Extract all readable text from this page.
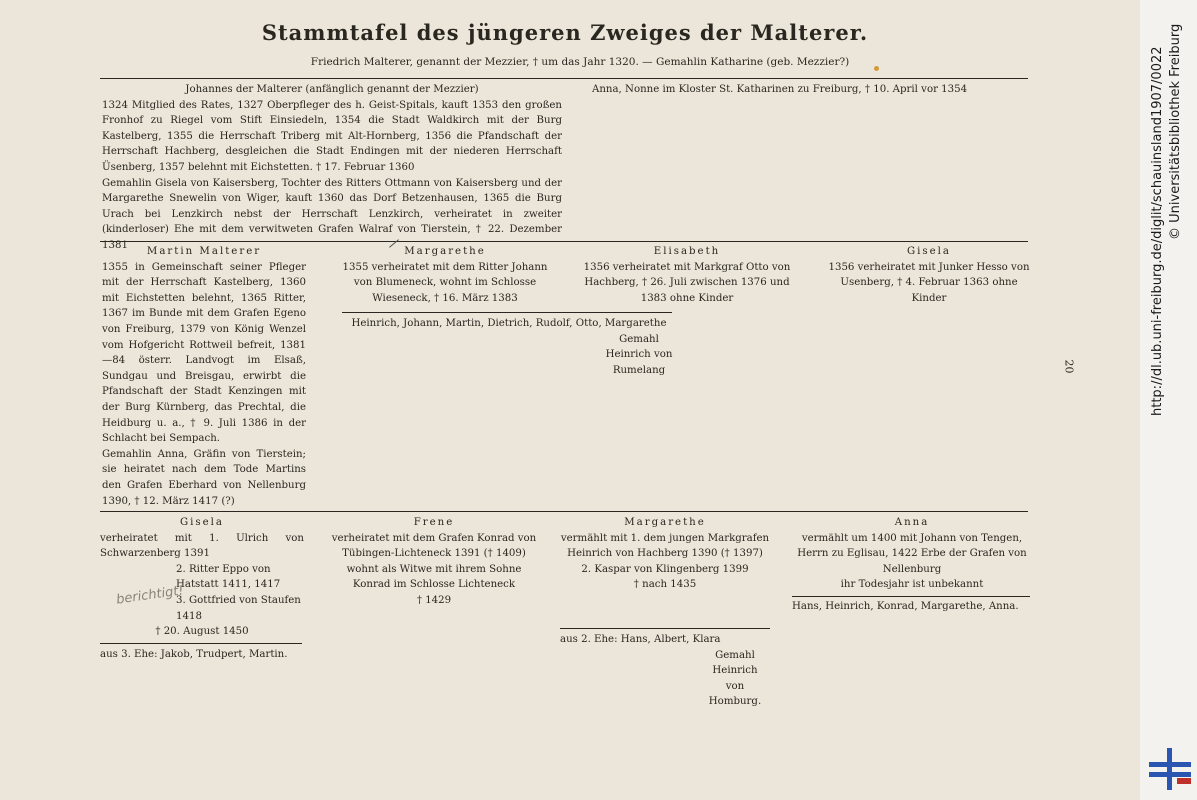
Stammtafel des jüngeren Zweiges der Malterer.
Friedrich Malterer, genannt der Mezzier, † um das Jahr 1320. — Gemahlin Katharine (geb. Mezzier?)

Johannes der Malterer (anfänglich genannt der Mezzier)

1324 Mitglied des Rates, 1327 Oberpfleger des h. Geist-Spitals, kauft 1353 den großen Fronhof zu Riegel vom Stift Einsiedeln, 1354 die Stadt Waldkirch mit der Burg Kastelberg, 1355 die Herrschaft Triberg mit Alt-Hornberg, 1356 die Pfandschaft der Herrschaft Hachberg, desgleichen die Stadt Endingen mit der niederen Herrschaft Üsenberg, 1357 belehnt mit Eichstetten. † 17. Februar 1360

Gemahlin Gisela von Kaisersberg, Tochter des Ritters Ottmann von Kaisersberg und der Margarethe Snewelin von Wiger, kauft 1360 das Dorf Betzenhausen, 1365 die Burg Urach bei Lenzkirch nebst der Herrschaft Lenzkirch, verheiratet in zweiter (kinderloser) Ehe mit dem verwitweten Grafen Walraf von Tierstein, † 22. Dezember 1381

Anna, Nonne im Kloster St. Katharinen zu Freiburg, † 10. April vor 1354

Martin Malterer

1355 in Gemeinschaft seiner Pfleger mit der Herrschaft Kastelberg, 1360 mit Eichstetten belehnt, 1365 Ritter, 1367 im Bunde mit dem Grafen Egeno von Freiburg, 1379 von König Wenzel vom Hofgericht Rottweil befreit, 1381—84 österr. Landvogt im Elsaß, Sundgau und Breisgau, erwirbt die Pfandschaft der Stadt Kenzingen mit der Burg Kürnberg, das Prechtal, die Heidburg u. a., † 9. Juli 1386 in der Schlacht bei Sempach.

Gemahlin Anna, Gräfin von Tierstein; sie heiratet nach dem Tode Martins den Grafen Eberhard von Nellenburg 1390, † 12. März 1417 (?)

Margarethe

1355 verheiratet mit dem Ritter Johann von Blumeneck, wohnt im Schlosse Wieseneck, † 16. März 1383

Heinrich, Johann, Martin, Dietrich, Rudolf, Otto, Margarethe

Gemahl

Heinrich von

Rumelang

Elisabeth

1356 verheiratet mit Markgraf Otto von Hachberg, † 26. Juli zwischen 1376 und 1383 ohne Kinder

Gisela

1356 verheiratet mit Junker Hesso von Usenberg, † 4. Februar 1363 ohne Kinder

20

Gisela

verheiratet mit 1. Ulrich von Schwarzenberg 1391

2. Ritter Eppo von Hatstatt 1411, 1417

3. Gottfried von Staufen 1418

† 20. August 1450

berichtigt!

aus 3. Ehe: Jakob, Trudpert, Martin.

Frene

verheiratet mit dem Grafen Konrad von Tübingen-Lichteneck 1391 († 1409) wohnt als Witwe mit ihrem Sohne Konrad im Schlosse Lichteneck

† 1429

Margarethe

vermählt mit 1. dem jungen Markgrafen Heinrich von Hachberg 1390 († 1397)

2. Kaspar von Klingenberg 1399

† nach 1435

aus 2. Ehe: Hans, Albert, Klara

Gemahl

Heinrich

von

Homburg.

Anna

vermählt um 1400 mit Johann von Tengen, Herrn zu Eglisau, 1422 Erbe der Grafen von Nellenburg

ihr Todesjahr ist unbekannt

Hans, Heinrich, Konrad, Margarethe, Anna.

http://dl.ub.uni-freiburg.de/diglit/schauinsland1907/0022 © Universitätsbibliothek Freiburg
